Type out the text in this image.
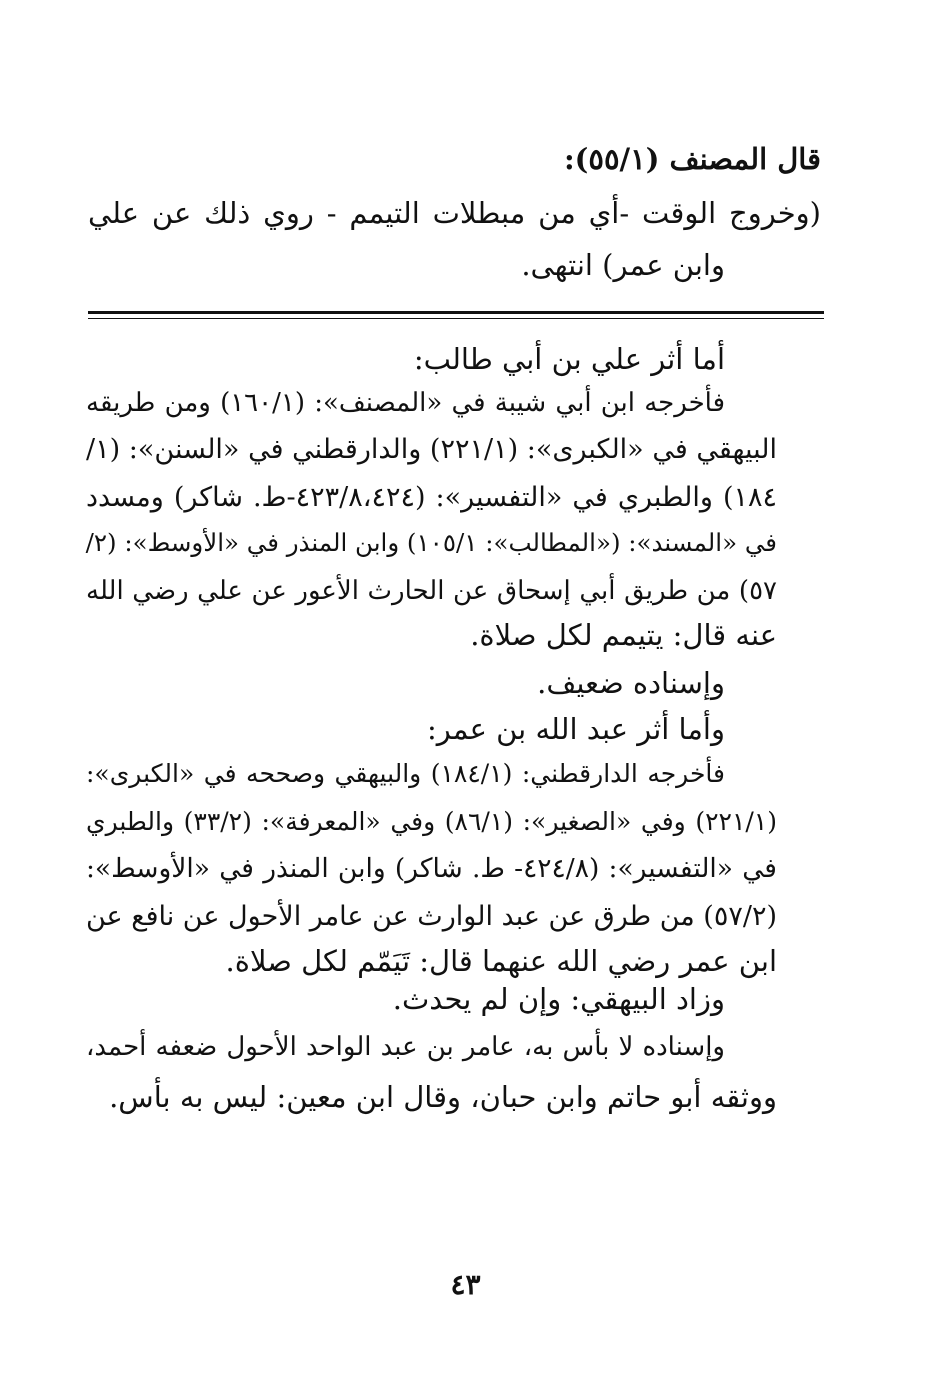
قال المصنف (٥٥/١):
(وخروج الوقت -أي من مبطلات التيمم - روي ذلك عن علي
وابن عمر) انتهى.
أما أثر علي بن أبي طالب:
فأخرجه ابن أبي شيبة في «المصنف»: (١٦٠/١) ومن طريقه
البيهقي في «الكبرى»: (٢٢١/١) والدارقطني في «السنن»: (١/
١٨٤) والطبري في «التفسير»: (٤٢٣/٨،٤٢٤-ط. شاكر) ومسدد
في «المسند»: («المطالب»: ١٠٥/١) وابن المنذر في «الأوسط»: (٢/
٥٧) من طريق أبي إسحاق عن الحارث الأعور عن علي رضي الله
عنه قال: يتيمم لكل صلاة.
وإسناده ضعيف.
وأما أثر عبد الله بن عمر:
فأخرجه الدارقطني: (١٨٤/١) والبيهقي وصححه في «الكبرى»:
(٢٢١/١) وفي «الصغير»: (٨٦/١) وفي «المعرفة»: (٣٣/٢) والطبري
في «التفسير»: (٤٢٤/٨- ط. شاكر) وابن المنذر في «الأوسط»:
(٥٧/٢) من طرق عن عبد الوارث عن عامر الأحول عن نافع عن
ابن عمر رضي الله عنهما قال: تَيَمّم لكل صلاة.
وزاد البيهقي: وإن لم يحدث.
وإسناده لا بأس به، عامر بن عبد الواحد الأحول ضعفه أحمد،
ووثقه أبو حاتم وابن حبان، وقال ابن معين: ليس به بأس.
٤٣
